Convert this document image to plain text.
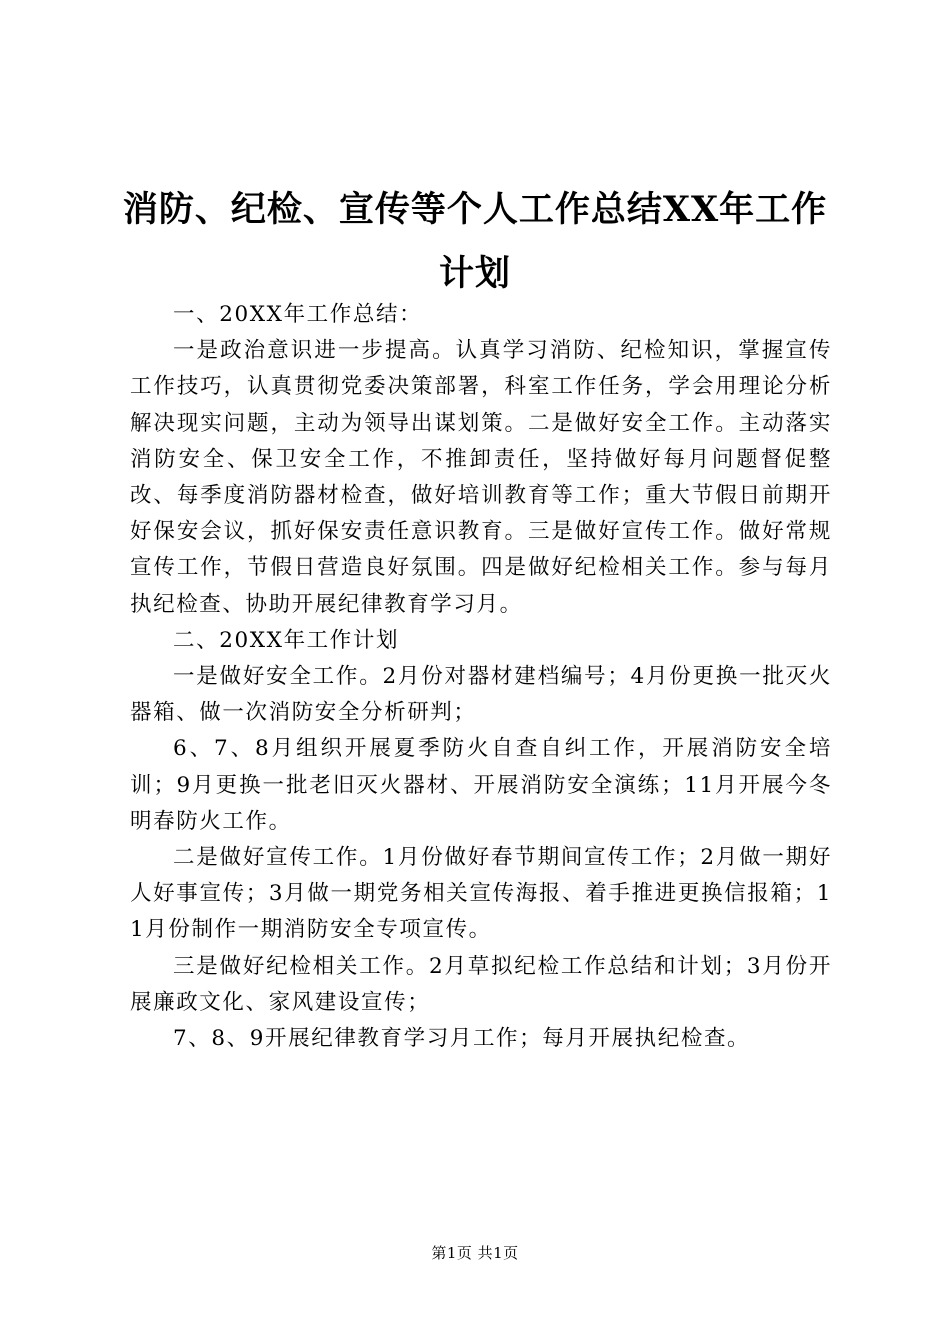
消防、纪检、宣传等个人工作总结XX年工作
计划

一、20XX年工作总结：

一是政治意识进一步提高。认真学习消防、纪检知识，掌握宣传工作技巧，认真贯彻党委决策部署，科室工作任务，学会用理论分析解决现实问题，主动为领导出谋划策。二是做好安全工作。主动落实消防安全、保卫安全工作，不推卸责任，坚持做好每月问题督促整改、每季度消防器材检查，做好培训教育等工作；重大节假日前期开好保安会议，抓好保安责任意识教育。三是做好宣传工作。做好常规宣传工作，节假日营造良好氛围。四是做好纪检相关工作。参与每月执纪检查、协助开展纪律教育学习月。

二、20XX年工作计划

一是做好安全工作。2月份对器材建档编号；4月份更换一批灭火器箱、做一次消防安全分析研判；

6、7、8月组织开展夏季防火自查自纠工作，开展消防安全培训；9月更换一批老旧灭火器材、开展消防安全演练；11月开展今冬明春防火工作。

二是做好宣传工作。1月份做好春节期间宣传工作；2月做一期好人好事宣传；3月做一期党务相关宣传海报、着手推进更换信报箱；11月份制作一期消防安全专项宣传。

三是做好纪检相关工作。2月草拟纪检工作总结和计划；3月份开展廉政文化、家风建设宣传；

7、8、9开展纪律教育学习月工作；每月开展执纪检查。

第1页 共1页
